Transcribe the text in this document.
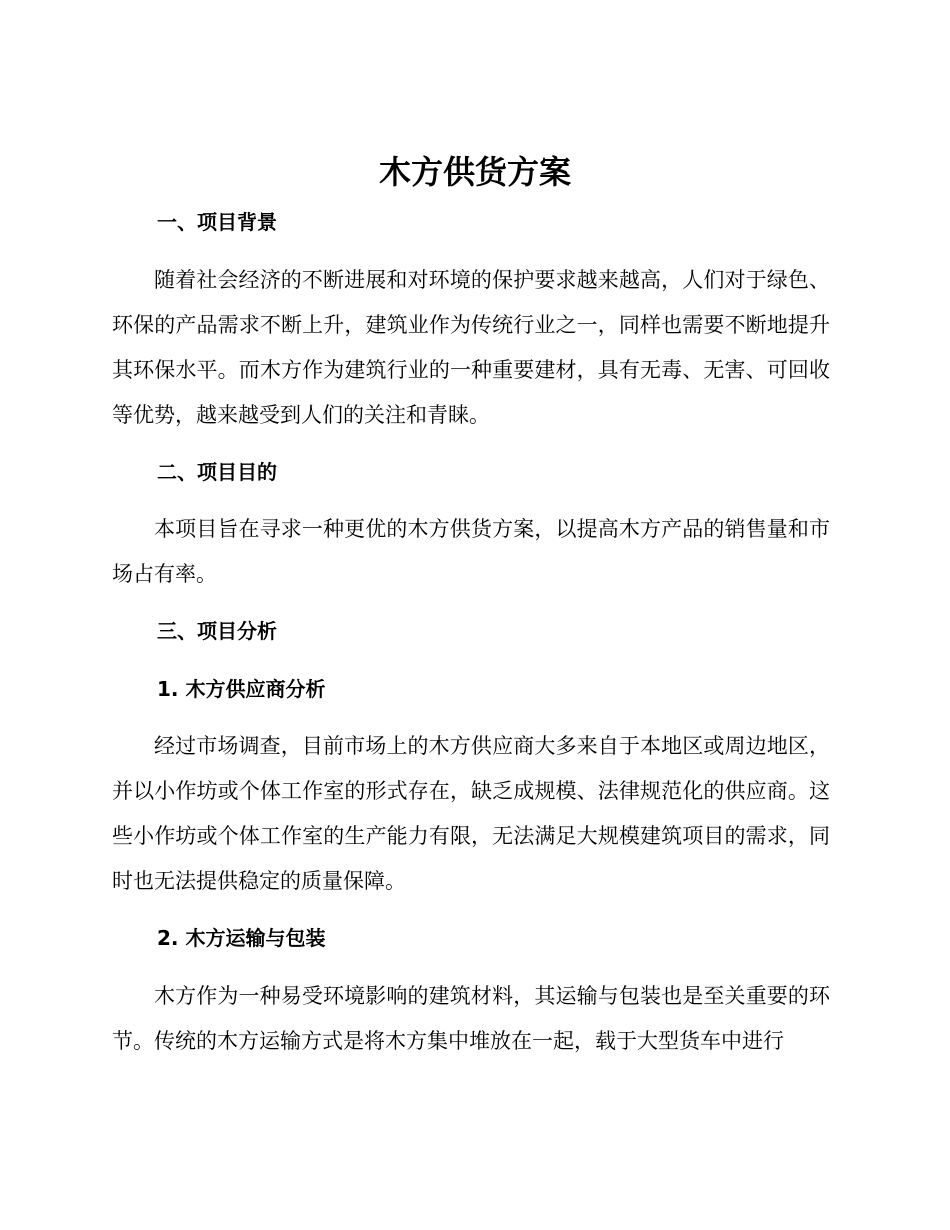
木方供货方案
一、项目背景

随着社会经济的不断进展和对环境的保护要求越来越高，人们对于绿色、环保的产品需求不断上升，建筑业作为传统行业之一，同样也需要不断地提升其环保水平。而木方作为建筑行业的一种重要建材，具有无毒、无害、可回收等优势，越来越受到人们的关注和青睐。

二、项目目的

本项目旨在寻求一种更优的木方供货方案，以提高木方产品的销售量和市场占有率。

三、项目分析
1. 木方供应商分析

经过市场调查，目前市场上的木方供应商大多来自于本地区或周边地区，并以小作坊或个体工作室的形式存在，缺乏成规模、法律规范化的供应商。这些小作坊或个体工作室的生产能力有限，无法满足大规模建筑项目的需求，同时也无法提供稳定的质量保障。

2. 木方运输与包装

木方作为一种易受环境影响的建筑材料，其运输与包装也是至关重要的环节。传统的木方运输方式是将木方集中堆放在一起，载于大型货车中进行
